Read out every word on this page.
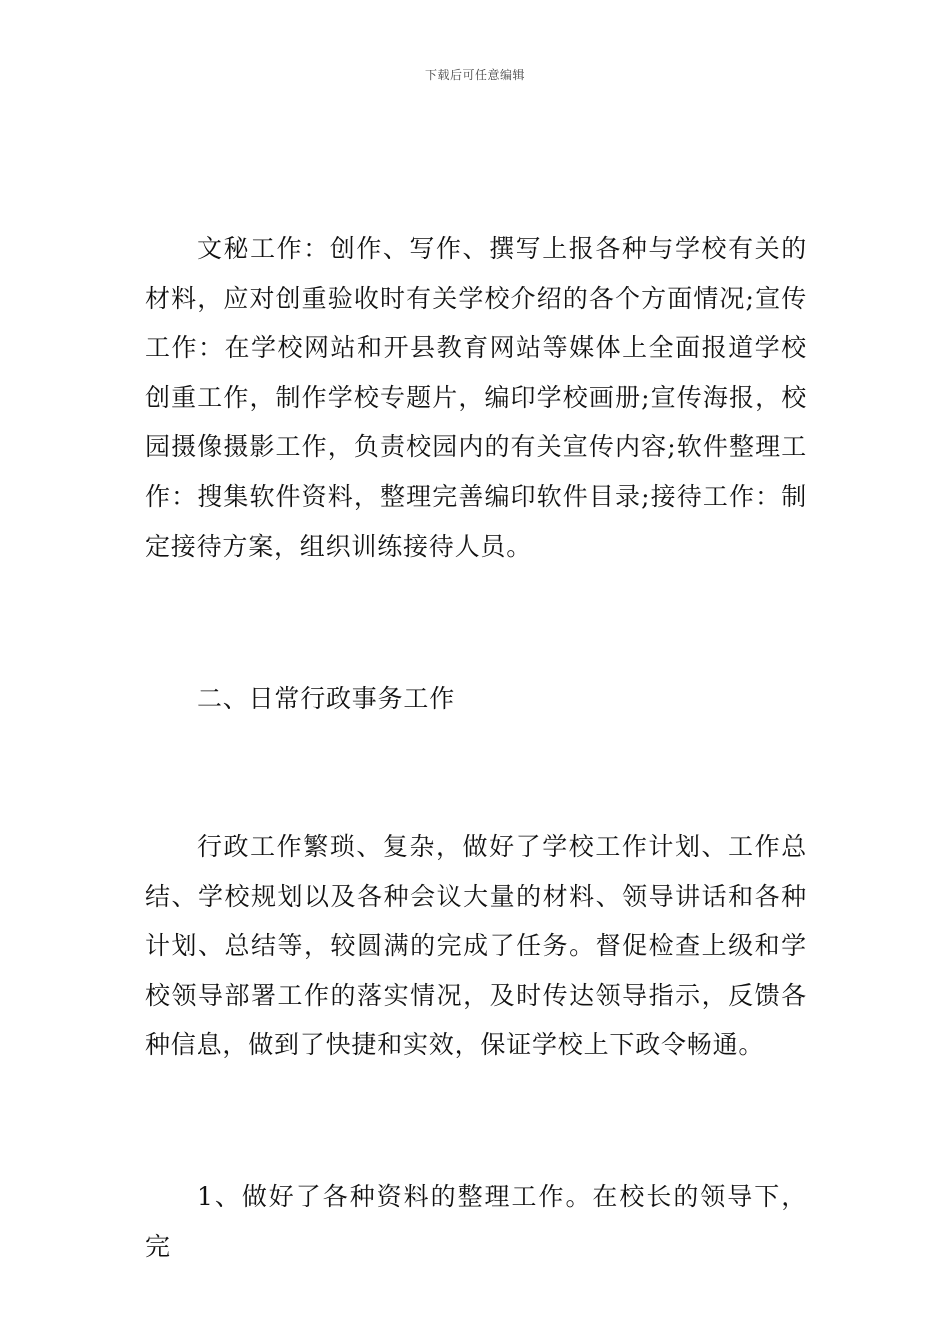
下载后可任意编辑

文秘工作：创作、写作、撰写上报各种与学校有关的材料，应对创重验收时有关学校介绍的各个方面情况;宣传工作：在学校网站和开县教育网站等媒体上全面报道学校创重工作，制作学校专题片，编印学校画册;宣传海报，校园摄像摄影工作，负责校园内的有关宣传内容;软件整理工作：搜集软件资料，整理完善编印软件目录;接待工作：制定接待方案，组织训练接待人员。

二、日常行政事务工作

行政工作繁琐、复杂，做好了学校工作计划、工作总结、学校规划以及各种会议大量的材料、领导讲话和各种计划、总结等，较圆满的完成了任务。督促检查上级和学校领导部署工作的落实情况，及时传达领导指示，反馈各种信息，做到了快捷和实效，保证学校上下政令畅通。

1、做好了各种资料的整理工作。在校长的领导下，完
